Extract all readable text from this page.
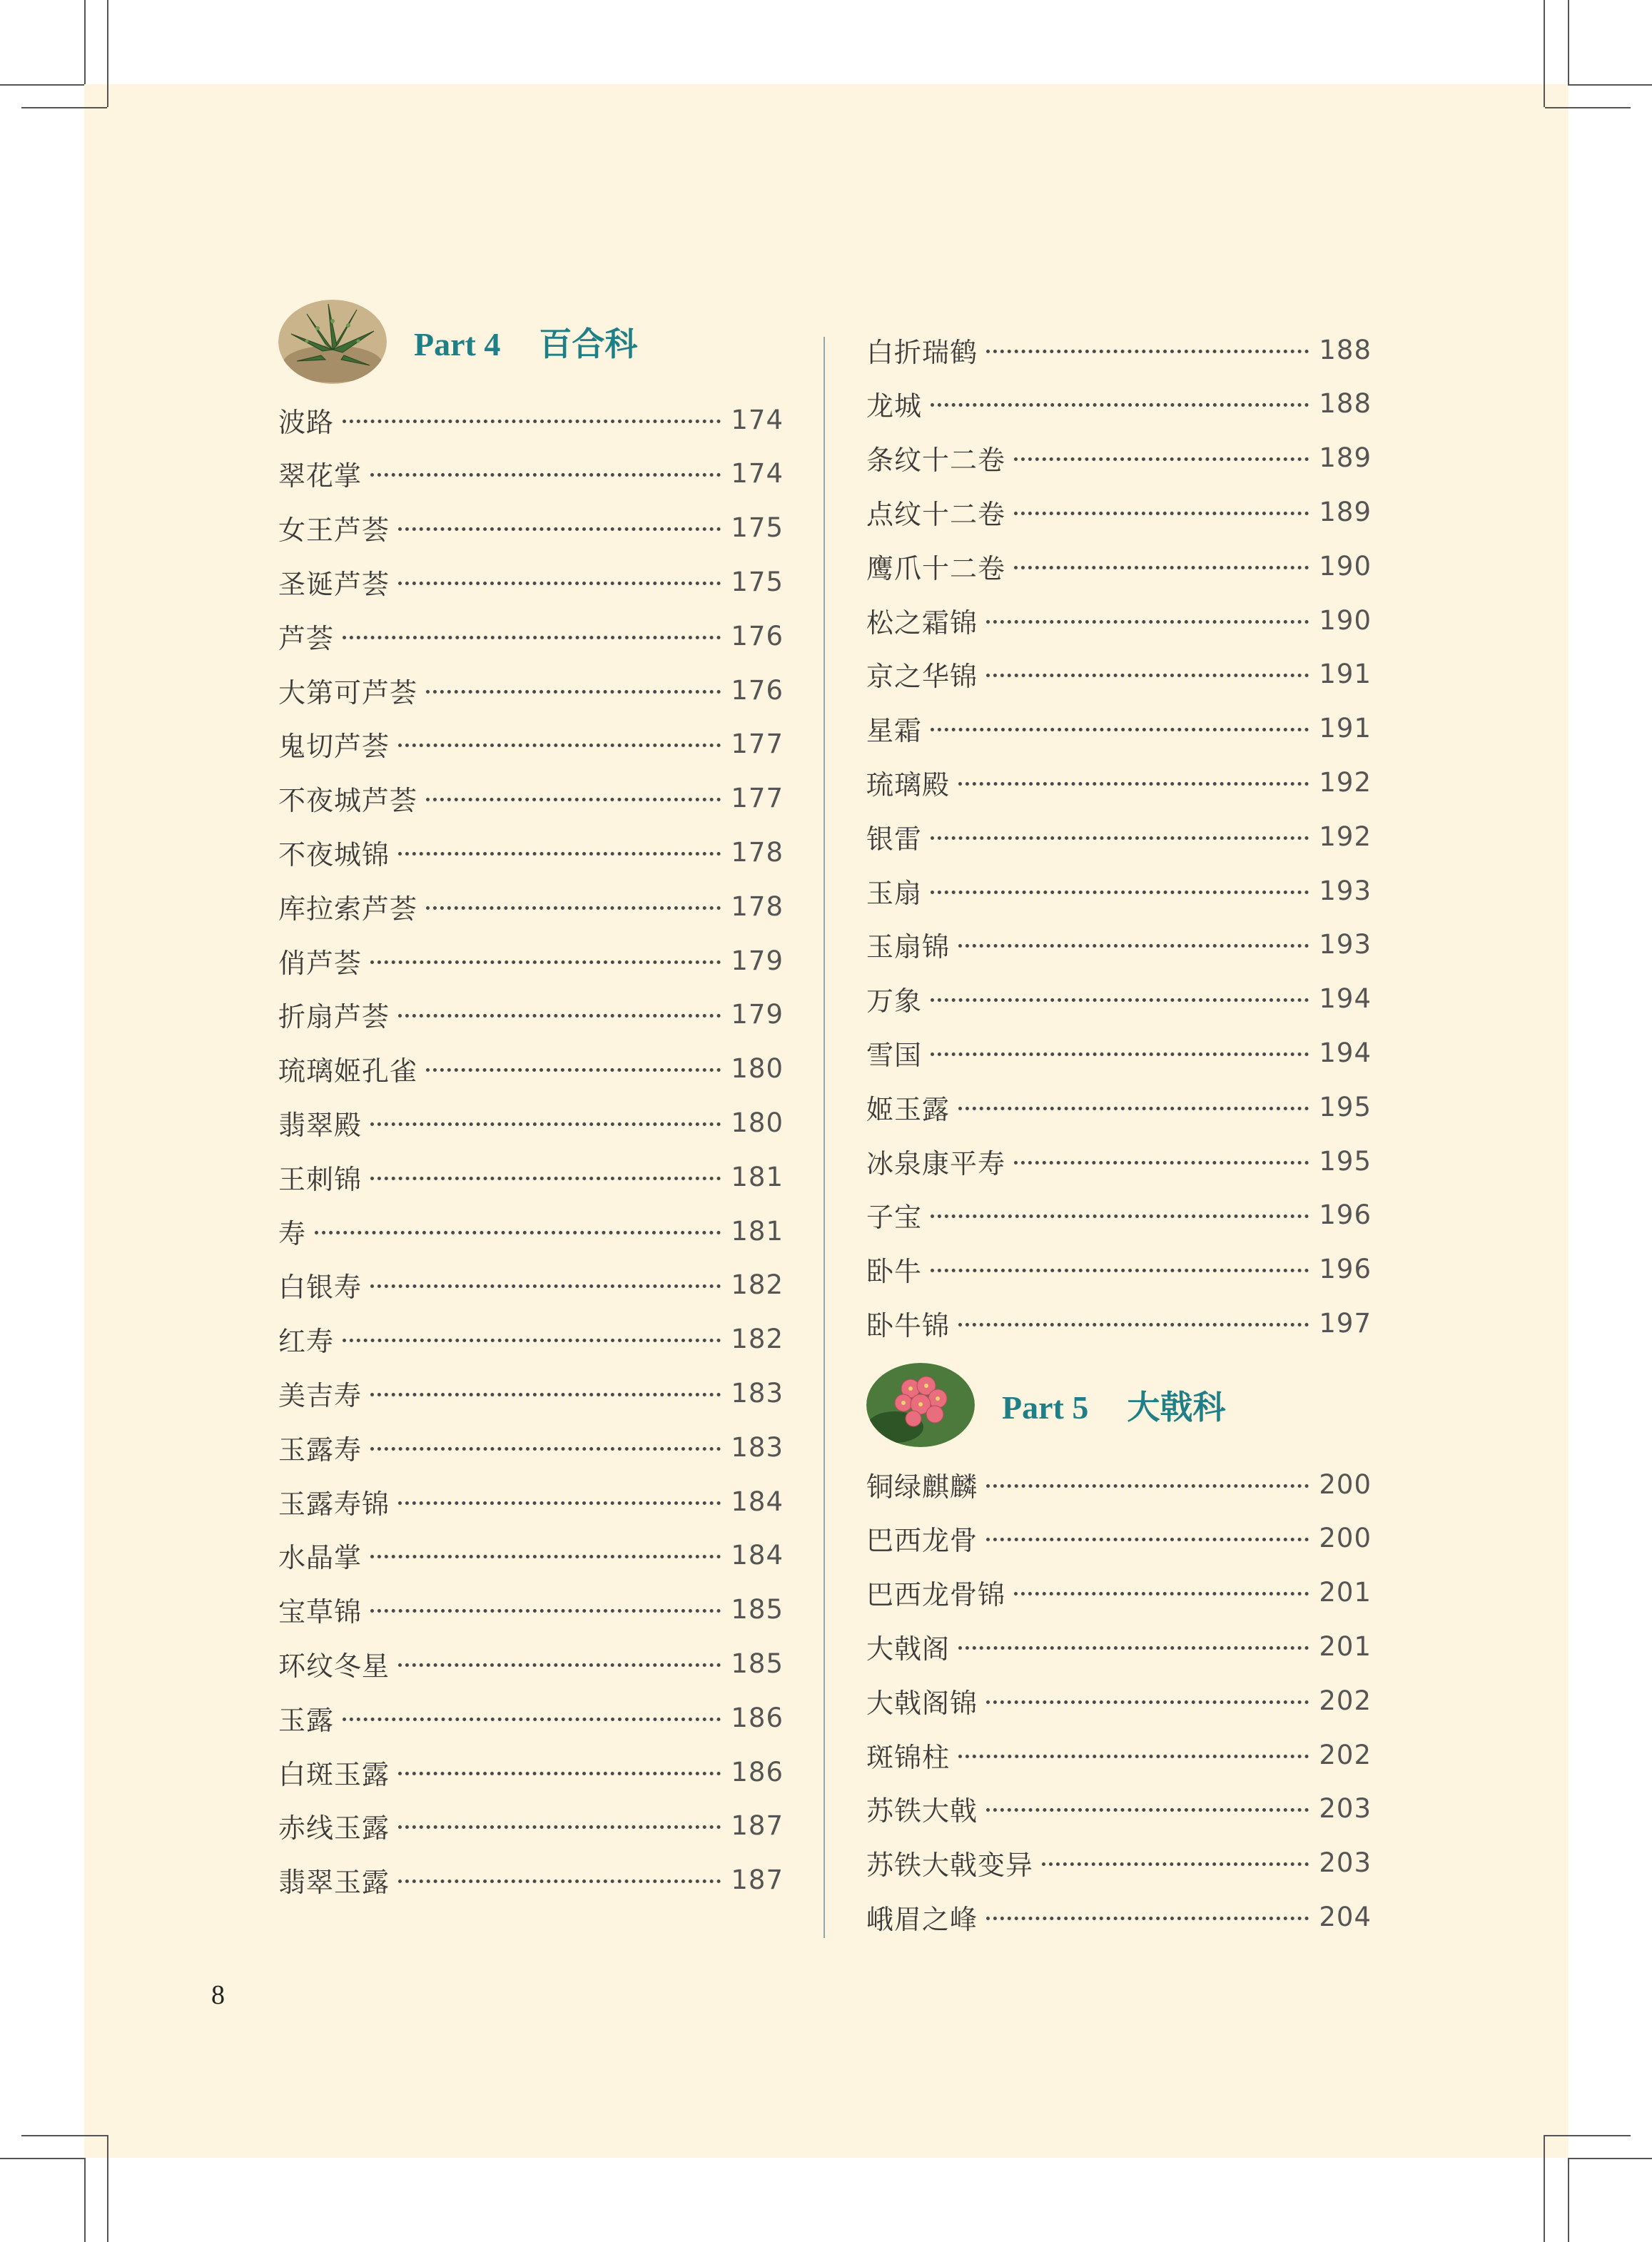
Part 4 百合科
波路	174
翠花掌	174
女王芦荟	175
圣诞芦荟	175
芦荟	176
大第可芦荟	176
鬼切芦荟	177
不夜城芦荟	177
不夜城锦	178
库拉索芦荟	178
俏芦荟	179
折扇芦荟	179
琉璃姬孔雀	180
翡翠殿	180
王刺锦	181
寿	181
白银寿	182
红寿	182
美吉寿	183
玉露寿	183
玉露寿锦	184
水晶掌	184
宝草锦	185
环纹冬星	185
玉露	186
白斑玉露	186
赤线玉露	187
翡翠玉露	187
白折瑞鹤	188
龙城	188
条纹十二卷	189
点纹十二卷	189
鹰爪十二卷	190
松之霜锦	190
京之华锦	191
星霜	191
琉璃殿	192
银雷	192
玉扇	193
玉扇锦	193
万象	194
雪国	194
姬玉露	195
冰泉康平寿	195
子宝	196
卧牛	196
卧牛锦	197
Part 5 大戟科
铜绿麒麟	200
巴西龙骨	200
巴西龙骨锦	201
大戟阁	201
大戟阁锦	202
斑锦柱	202
苏铁大戟	203
苏铁大戟变异	203
峨眉之峰	204
8
